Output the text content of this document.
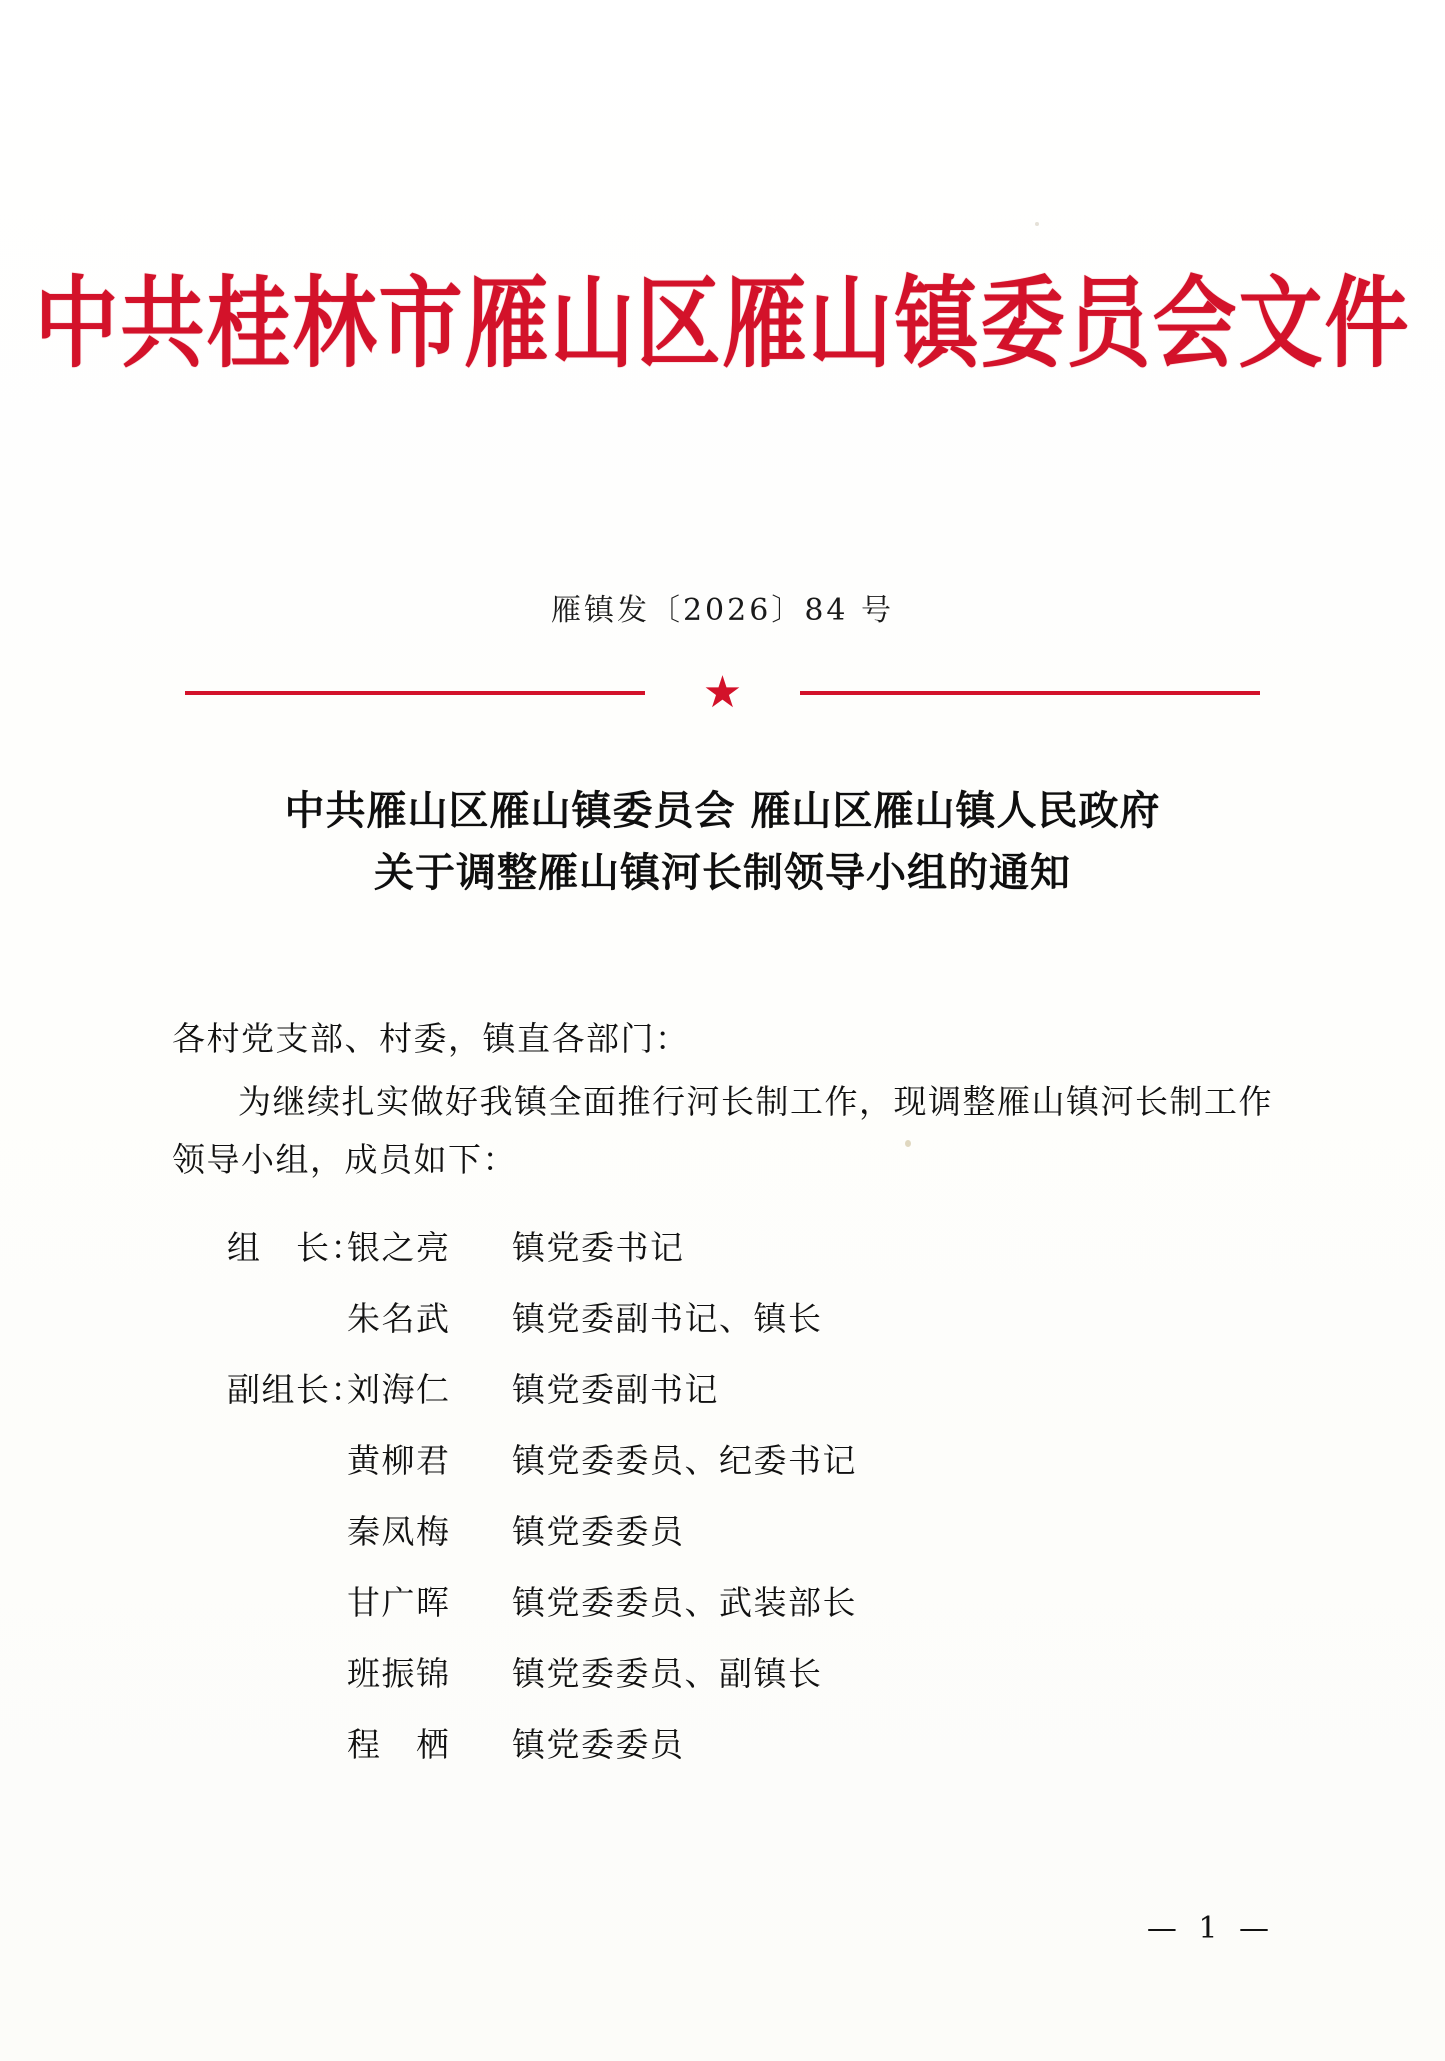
中共桂林市雁山区雁山镇委员会文件
雁镇发〔2026〕84 号
★
中共雁山区雁山镇委员会 雁山区雁山镇人民政府
关于调整雁山镇河长制领导小组的通知

各村党支部、村委，镇直各部门：

为继续扎实做好我镇全面推行河长制工作，现调整雁山镇河长制工作领导小组，成员如下：

组　长：
银之亮	镇党委书记
朱名武	镇党委副书记、镇长
副组长：
刘海仁	镇党委副书记
黄柳君	镇党委委员、纪委书记
秦凤梅	镇党委委员
甘广晖	镇党委委员、武装部长
班振锦	镇党委委员、副镇长
程　栖	镇党委委员
— 1 —
